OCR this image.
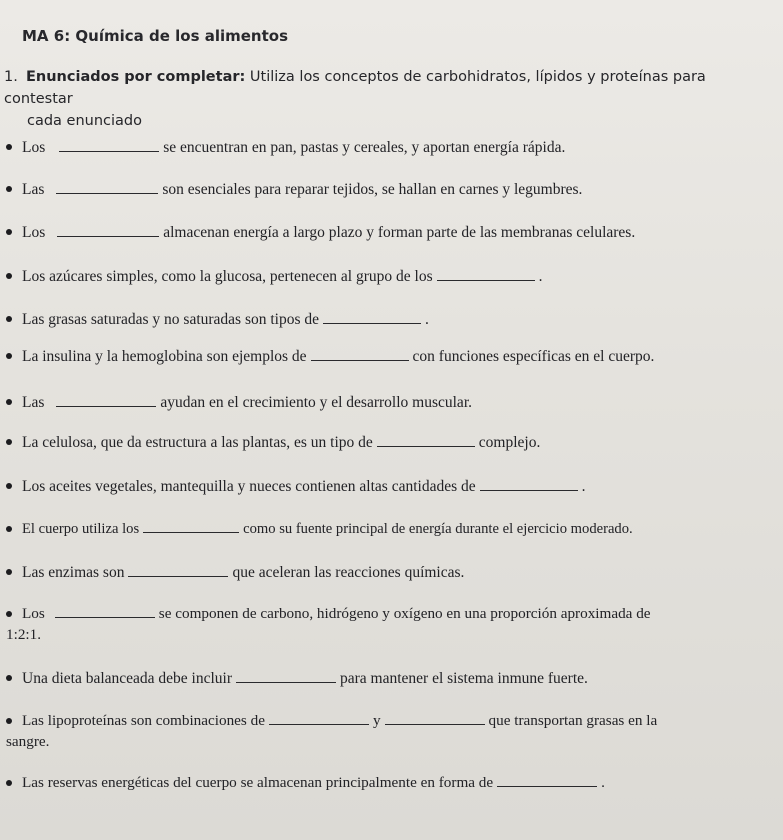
MA 6: Química de los alimentos
1. Enunciados por completar: Utiliza los conceptos de carbohidratos, lípidos y proteínas para contestar
cada enunciado
Los	se encuentran en pan, pastas y cereales, y aportan energía rápida.
Las	son esenciales para reparar tejidos, se hallan en carnes y legumbres.
Los	almacenan energía a largo plazo y forman parte de las membranas celulares.
Los azúcares simples, como la glucosa, pertenecen al grupo de los	.
Las grasas saturadas y no saturadas son tipos de	.
La insulina y la hemoglobina son ejemplos de	con funciones específicas en el cuerpo.
Las	ayudan en el crecimiento y el desarrollo muscular.
La celulosa, que da estructura a las plantas, es un tipo de	complejo.
Los aceites vegetales, mantequilla y nueces contienen altas cantidades de	.
El cuerpo utiliza los	como su fuente principal de energía durante el ejercicio moderado.
Las enzimas son	que aceleran las reacciones químicas.
Los	se componen de carbono, hidrógeno y oxígeno en una proporción aproximada de
1:2:1.
Una dieta balanceada debe incluir	para mantener el sistema inmune fuerte.
Las lipoproteínas son combinaciones de	y	que transportan grasas en la
sangre.
Las reservas energéticas del cuerpo se almacenan principalmente en forma de	.
